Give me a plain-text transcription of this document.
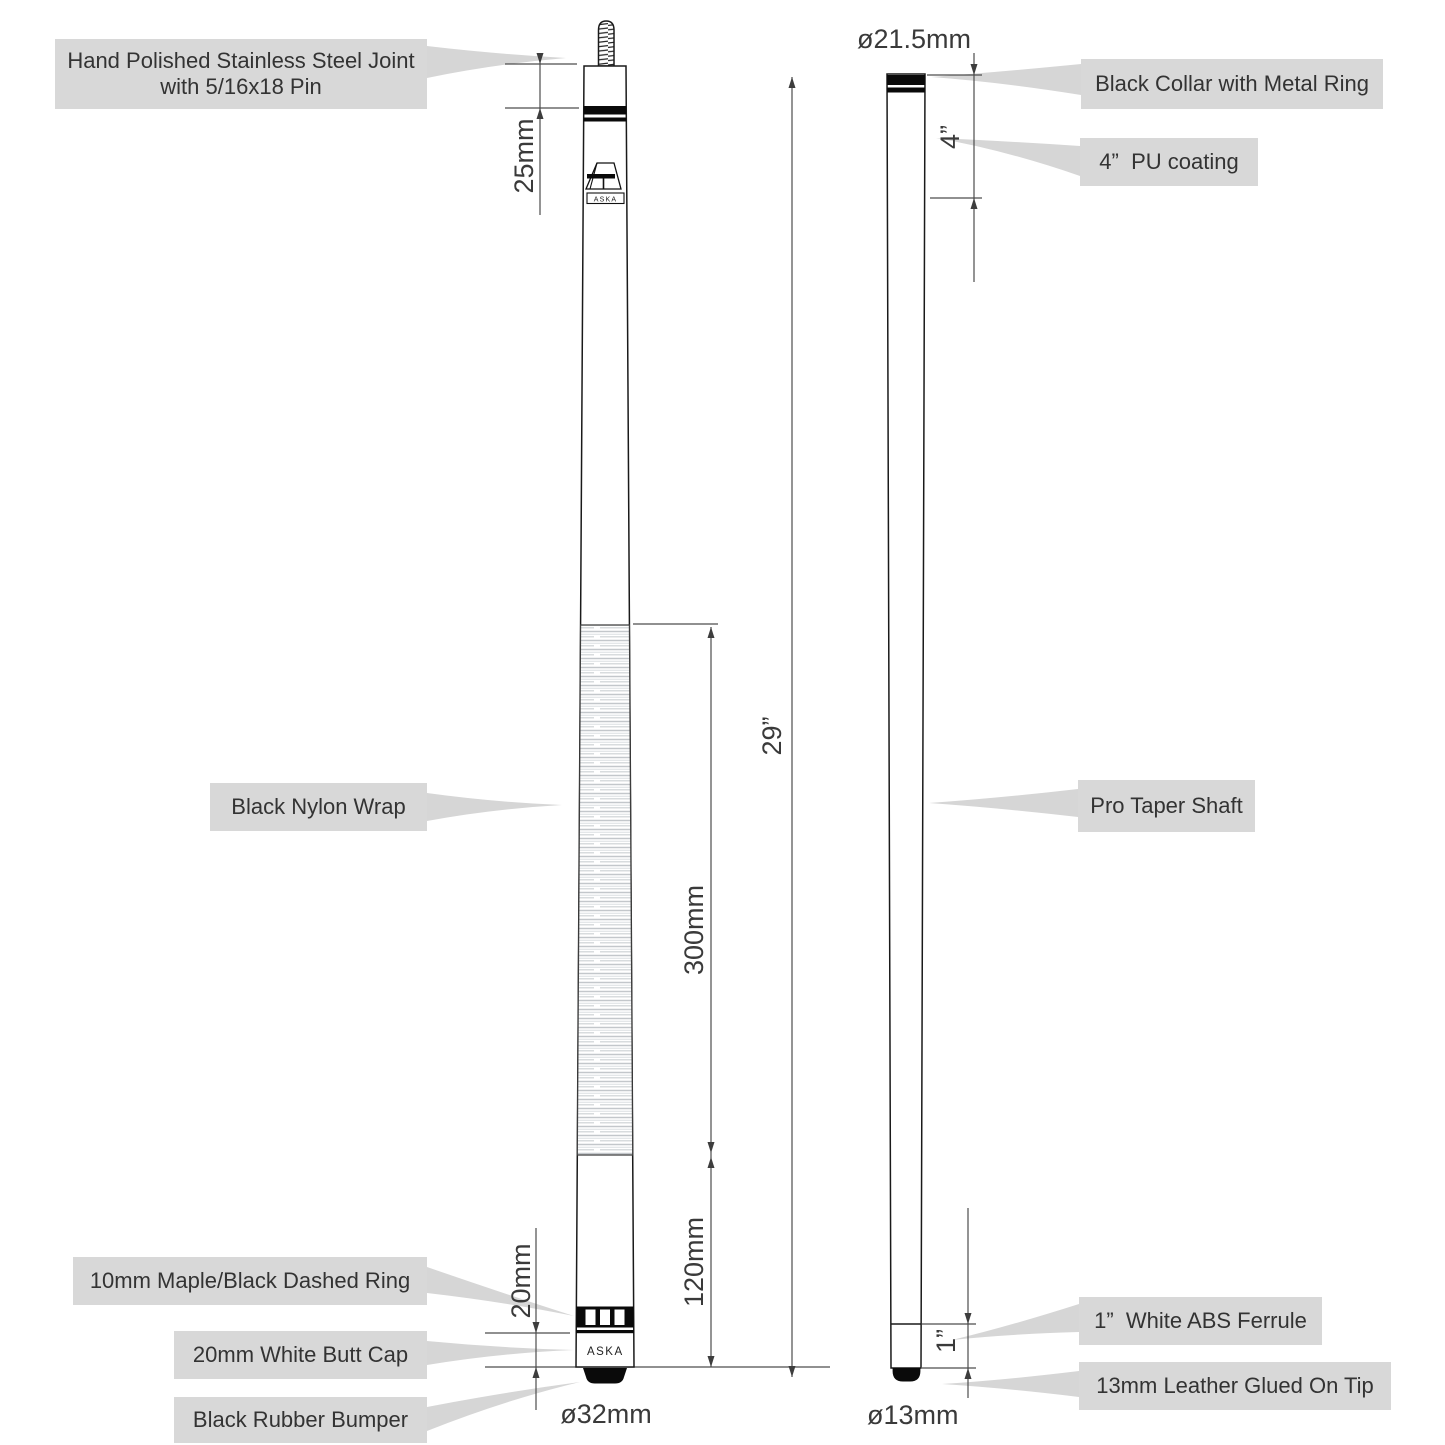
ASKA
ASKA
25mm
300mm
120mm
20mm
29”
4”
1”
ø21.5mm
ø32mm	ø13mm
Hand Polished Stainless Steel Joint
with 5/16x18 Pin
Black Nylon Wrap
10mm Maple/Black Dashed Ring
20mm White Butt Cap
Black Rubber Bumper
Black Collar with Metal Ring
4”  PU coating
Pro Taper Shaft
1”  White ABS Ferrule
13mm Leather Glued On Tip
